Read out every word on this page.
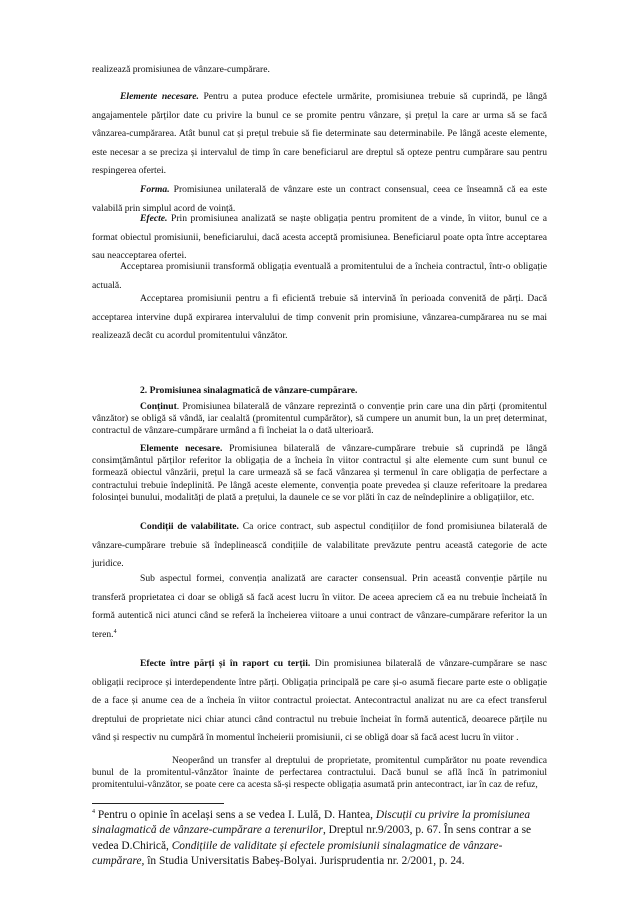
realizează promisiunea de vânzare-cumpărare.

Elemente necesare. Pentru a putea produce efectele urmărite, promisiunea trebuie să cuprindă, pe lângă angajamentele părților date cu privire la bunul ce se promite pentru vânzare, și prețul la care ar urma să se facă vânzarea-cumpărarea. Atât bunul cat și prețul trebuie să fie determinate sau determinabile. Pe lângă aceste elemente, este necesar a se preciza și intervalul de timp în care beneficiarul are dreptul să opteze pentru cumpărare sau pentru respingerea ofertei.

Forma. Promisiunea unilaterală de vânzare este un contract consensual, ceea ce înseamnă că ea este valabilă prin simplul acord de voință.

Efecte. Prin promisiunea analizată se naște obligația pentru promitent de a vinde, în viitor, bunul ce a format obiectul promisiunii, beneficiarului, dacă acesta acceptă promisiunea. Beneficiarul poate opta între acceptarea sau neacceptarea ofertei.

Acceptarea promisiunii transformă obligația eventuală a promitentului de a încheia contractul, într-o obligație actuală.

Acceptarea promisiunii pentru a fi eficientă trebuie să intervină în perioada convenită de părți. Dacă acceptarea intervine după expirarea intervalului de timp convenit prin promisiune, vânzarea-cumpărarea nu se mai realizează decât cu acordul promitentului vânzător.

2. Promisiunea sinalagmatică de vânzare-cumpărare.

Conținut. Promisiunea bilaterală de vânzare reprezintă o convenție prin care una din părți (promitentul vânzător) se obligă să vândă, iar cealaltă (promitentul cumpărător), să cumpere un anumit bun, la un preț determinat, contractul de vânzare-cumpărare urmând a fi încheiat la o dată ulterioară.

Elemente necesare. Promisiunea bilaterală de vânzare-cumpărare trebuie să cuprindă pe lângă consimțământul părților referitor la obligația de a încheia în viitor contractul și alte elemente cum sunt bunul ce formează obiectul vânzării, prețul la care urmează să se facă vânzarea și termenul în care obligația de perfectare a contractului trebuie îndeplinită. Pe lângă aceste elemente, convenția poate prevedea și clauze referitoare la predarea folosinței bunului, modalități de plată a prețului, la daunele ce se vor plăti în caz de neîndeplinire a obligațiilor, etc.

Condiții de valabilitate. Ca orice contract, sub aspectul condițiilor de fond promisiunea bilaterală de vânzare-cumpărare trebuie să îndeplinească condițiile de valabilitate prevăzute pentru această categorie de acte juridice.

Sub aspectul formei, convenția analizată are caracter consensual. Prin această convenție părțile nu transferă proprietatea ci doar se obligă să facă acest lucru în viitor. De aceea apreciem că ea nu trebuie încheiată în formă autentică nici atunci când se referă la încheierea viitoare a unui contract de vânzare-cumpărare referitor la un teren.$^4$

Efecte între părți și în raport cu terții. Din promisiunea bilaterală de vânzare-cumpărare se nasc obligații reciproce și interdependente între părți. Obligația principală pe care și-o asumă fiecare parte este o obligație de a face și anume cea de a încheia în viitor contractul proiectat. Antecontractul analizat nu are ca efect transferul dreptului de proprietate nici chiar atunci când contractul nu trebuie încheiat în formă autentică, deoarece părțile nu vând și respectiv nu cumpără în momentul încheierii promisiunii, ci se obligă doar să facă acest lucru în viitor .

Neoperând un transfer al dreptului de proprietate, promitentul cumpărător nu poate revendica bunul de la promitentul-vânzător înainte de perfectarea contractului. Dacă bunul se află încă în patrimoniul promitentului-vânzător, se poate cere ca acesta să-și respecte obligația asumată prin antecontract, iar în caz de refuz,

$^4$ Pentru o opinie în același sens a se vedea I. Lulă, D. Hantea, Discuții cu privire la promisiunea sinalagmatică de vânzare-cumpărare a terenurilor, Dreptul nr.9/2003, p. 67. În sens contrar a se vedea D.Chirică, Condițiile de validitate și efectele promisiunii sinalagmatice de vânzare-cumpărare, în Studia Universitatis Babeș-Bolyai. Jurisprudentia nr. 2/2001, p. 24.
